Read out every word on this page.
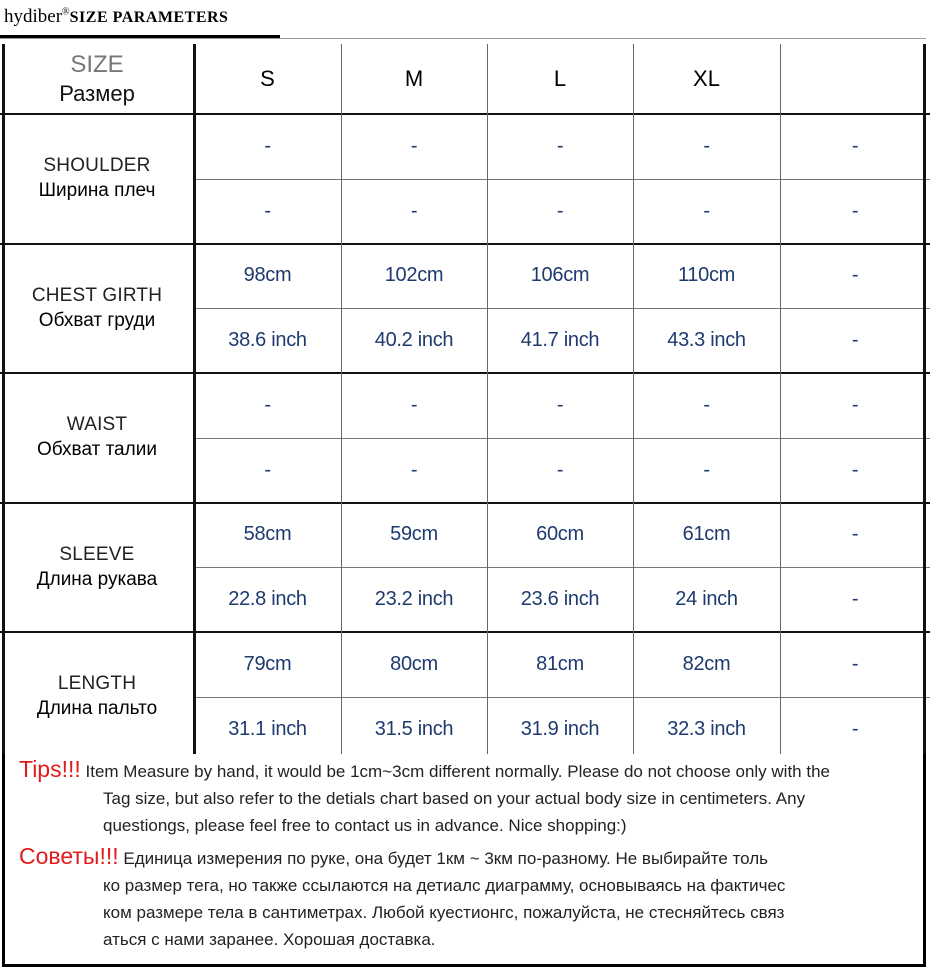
hydiber®SIZE PARAMETERS
SIZE
Размер
S	M	L	XL
SHOULDER
Ширина плеч
-	-	-	-	-
-	-	-	-	-
CHEST GIRTH
Обхват груди
98cm	102cm	106cm	110cm	-
38.6 inch	40.2 inch	41.7 inch	43.3 inch	-
WAIST
Обхват талии
-	-	-	-	-
-	-	-	-	-
SLEEVE
Длина рукава
58cm	59cm	60cm	61cm	-
22.8 inch	23.2 inch	23.6 inch	24 inch	-
LENGTH
Длина пальто
79cm	80cm	81cm	82cm	-
31.1 inch	31.5 inch	31.9 inch	32.3 inch	-
Tips!!! Item Measure by hand, it would be 1cm~3cm different normally. Please do not choose only with the
Tag size, but also refer to the detials chart based on your actual body size in centimeters. Any
questiongs, please feel free to contact us in advance. Nice shopping:)
Советы!!! Единица измерения по руке, она будет 1км ~ 3км по-разному. Не выбирайте толь
ко размер тега, но также ссылаются на детиалс диаграмму, основываясь на фактичес
ком размере тела в сантиметрах. Любой куестионгс, пожалуйста, не стесняйтесь связ
аться с нами заранее. Хорошая доставка.
